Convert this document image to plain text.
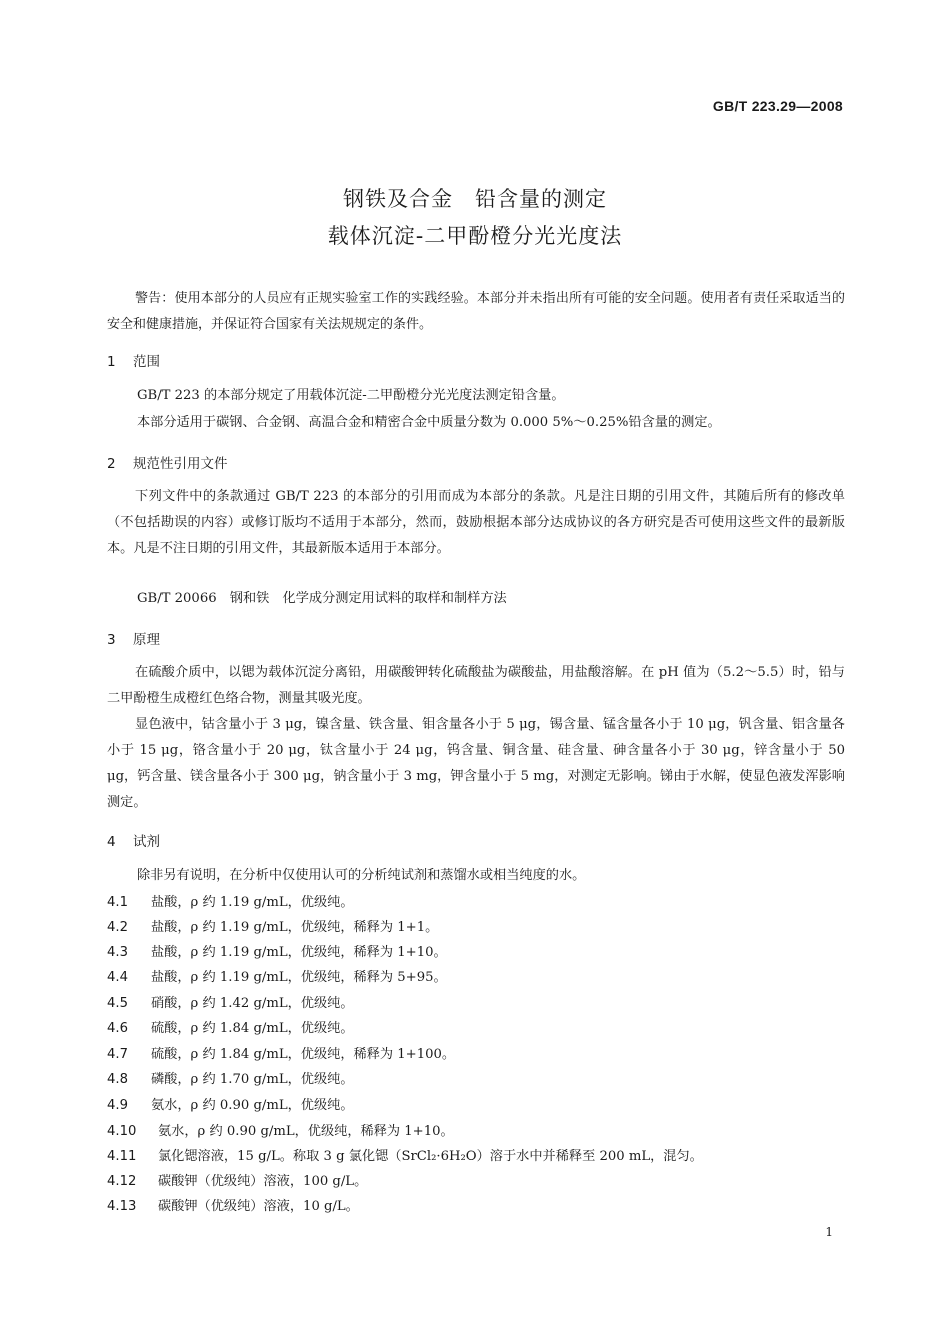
GB/T 223.29—2008
钢铁及合金　铅含量的测定
载体沉淀-二甲酚橙分光光度法
警告：使用本部分的人员应有正规实验室工作的实践经验。本部分并未指出所有可能的安全问题。使用者有责任采取适当的安全和健康措施，并保证符合国家有关法规规定的条件。
1 范围
GB/T 223 的本部分规定了用载体沉淀-二甲酚橙分光光度法测定铅含量。
本部分适用于碳钢、合金钢、高温合金和精密合金中质量分数为 0.000 5%～0.25%铅含量的测定。
2 规范性引用文件
下列文件中的条款通过 GB/T 223 的本部分的引用而成为本部分的条款。凡是注日期的引用文件，其随后所有的修改单（不包括勘误的内容）或修订版均不适用于本部分，然而，鼓励根据本部分达成协议的各方研究是否可使用这些文件的最新版本。凡是不注日期的引用文件，其最新版本适用于本部分。
GB/T 20066　钢和铁　化学成分测定用试料的取样和制样方法
3 原理
在硫酸介质中，以锶为载体沉淀分离铅，用碳酸钾转化硫酸盐为碳酸盐，用盐酸溶解。在 pH 值为（5.2～5.5）时，铅与二甲酚橙生成橙红色络合物，测量其吸光度。
显色液中，钴含量小于 3 μg，镍含量、铁含量、钼含量各小于 5 μg，锡含量、锰含量各小于 10 μg，钒含量、铝含量各小于 15 μg，铬含量小于 20 μg，钛含量小于 24 μg，钨含量、铜含量、硅含量、砷含量各小于 30 μg，锌含量小于 50 μg，钙含量、镁含量各小于 300 μg，钠含量小于 3 mg，钾含量小于 5 mg，对测定无影响。锑由于水解，使显色液发浑影响测定。
4 试剂
除非另有说明，在分析中仅使用认可的分析纯试剂和蒸馏水或相当纯度的水。
4.1 盐酸，ρ 约 1.19 g/mL，优级纯。
4.2 盐酸，ρ 约 1.19 g/mL，优级纯，稀释为 1+1。
4.3 盐酸，ρ 约 1.19 g/mL，优级纯，稀释为 1+10。
4.4 盐酸，ρ 约 1.19 g/mL，优级纯，稀释为 5+95。
4.5 硝酸，ρ 约 1.42 g/mL，优级纯。
4.6 硫酸，ρ 约 1.84 g/mL，优级纯。
4.7 硫酸，ρ 约 1.84 g/mL，优级纯，稀释为 1+100。
4.8 磷酸，ρ 约 1.70 g/mL，优级纯。
4.9 氨水，ρ 约 0.90 g/mL，优级纯。
4.10 氨水，ρ 约 0.90 g/mL，优级纯，稀释为 1+10。
4.11 氯化锶溶液，15 g/L。称取 3 g 氯化锶（SrCl₂·6H₂O）溶于水中并稀释至 200 mL，混匀。
4.12 碳酸钾（优级纯）溶液，100 g/L。
4.13 碳酸钾（优级纯）溶液，10 g/L。
1
